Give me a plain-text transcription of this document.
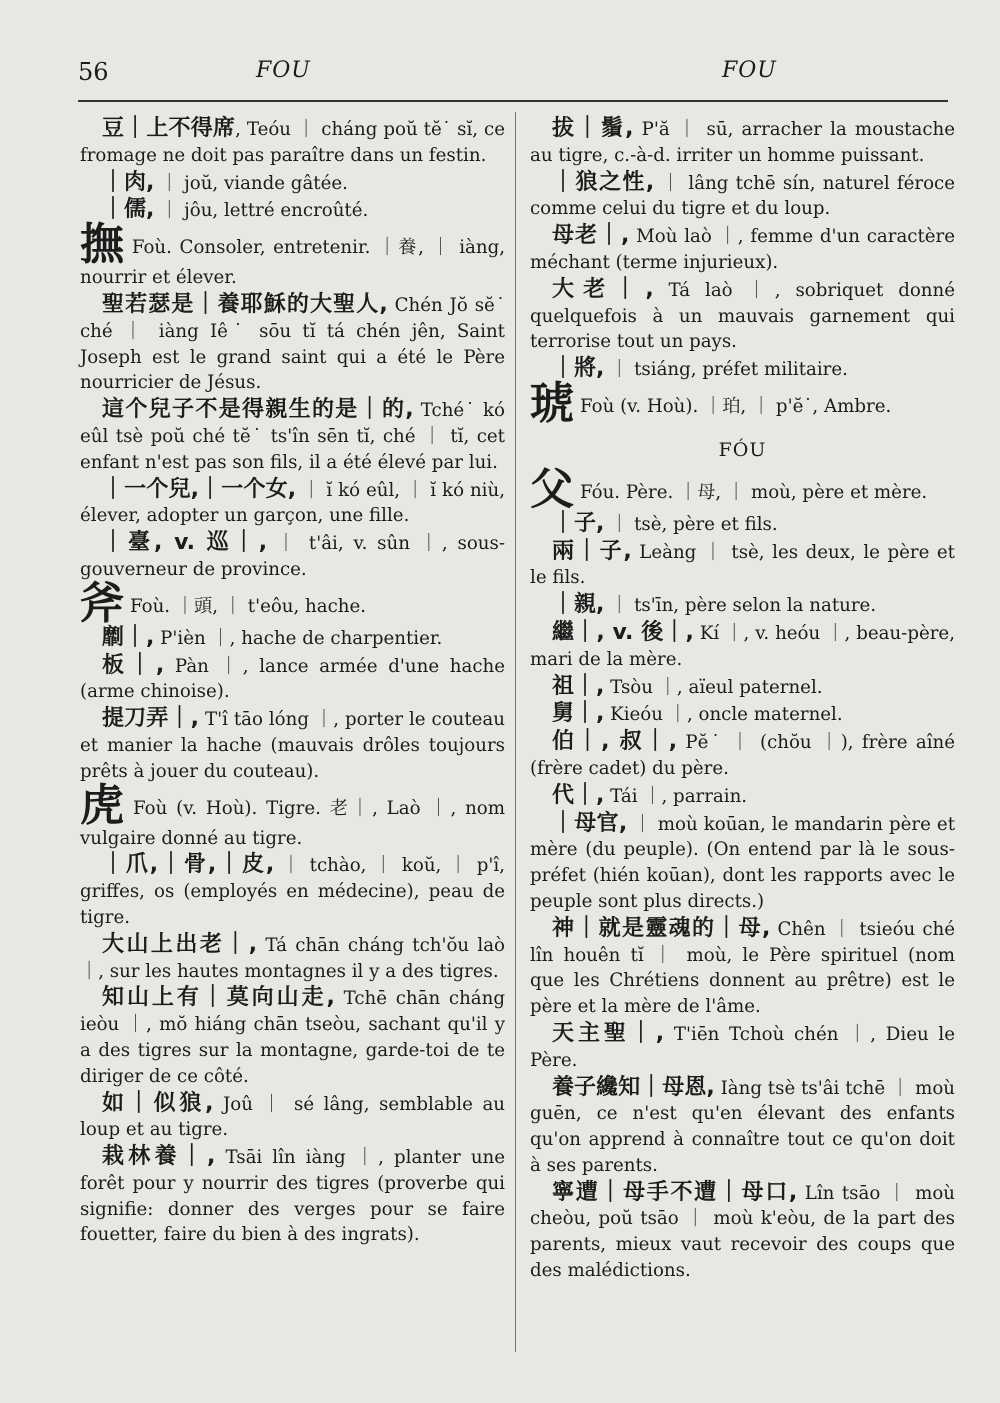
56	FOU	FOU
豆｜上不得席, Teóu ｜ cháng poŭ tĕ˙ sĭ, ce fromage ne doit pas paraître dans un festin.
｜肉, ｜ joŭ, viande gâtée.
｜儒, ｜ jôu, lettré encroûté.
撫 Foù. Consoler, entretenir. ｜養, ｜ iàng, nourrir et élever.
聖若瑟是｜養耶穌的大聖人, Chén Jŏ sĕ˙ ché ｜ iàng Iê˙ sōu tĭ tá chén jên, Saint Joseph est le grand saint qui a été le Père nourricier de Jésus.
這个兒子不是得親生的是｜的, Tché˙ kó eûl tsè poŭ ché tĕ˙ ts'în sēn tĭ, ché ｜ tĭ, cet enfant n'est pas son fils, il a été élevé par lui.
｜一个兒,｜一个女, ｜ ĭ kó eûl, ｜ ĭ kó niù, élever, adopter un garçon, une fille.
｜臺, v. 巡｜, ｜ t'âi, v. sûn ｜, sous-gouverneur de province.
斧 Foù. ｜頭, ｜ t'eôu, hache.
劘｜, P'ièn ｜, hache de charpentier.
板｜, Pàn ｜, lance armée d'une hache (arme chinoise).
提刀弄｜, T'î tāo lóng ｜, porter le couteau et manier la hache (mauvais drôles toujours prêts à jouer du couteau).
虎 Foù (v. Hoù). Tigre. 老｜, Laò ｜, nom vulgaire donné au tigre.
｜爪,｜骨,｜皮, ｜ tchào, ｜ koŭ, ｜ p'î, griffes, os (employés en médecine), peau de tigre.
大山上出老｜, Tá chān cháng tch'ŏu laò ｜, sur les hautes montagnes il y a des tigres.
知山上有｜莫向山走, Tchē chān cháng ieòu ｜, mŏ hiáng chān tseòu, sachant qu'il y a des tigres sur la montagne, garde-toi de te diriger de ce côté.
如｜似狼, Joû ｜ sé lâng, semblable au loup et au tigre.
栽林養｜, Tsāi lîn iàng ｜, planter une forêt pour y nourrir des tigres (proverbe qui signifie: donner des verges pour se faire fouetter, faire du bien à des ingrats).
拔｜鬚, P'ă ｜ sū, arracher la moustache au tigre, c.-à-d. irriter un homme puissant.
｜狼之性, ｜ lâng tchē sín, naturel féroce comme celui du tigre et du loup.
母老｜, Moù laò ｜, femme d'un caractère méchant (terme injurieux).
大老｜, Tá laò ｜, sobriquet donné quelquefois à un mauvais garnement qui terrorise tout un pays.
｜將, ｜ tsiáng, préfet militaire.
琥 Foù (v. Hoù). ｜珀, ｜ p'ĕ˙, Ambre.
FÓU
父 Fóu. Père. ｜母, ｜ moù, père et mère.
｜子, ｜ tsè, père et fils.
兩｜子, Leàng ｜ tsè, les deux, le père et le fils.
｜親, ｜ ts'īn, père selon la nature.
繼｜, v. 後｜, Kí ｜, v. heóu ｜, beau-père, mari de la mère.
祖｜, Tsòu ｜, aïeul paternel.
舅｜, Kieóu ｜, oncle maternel.
伯｜, 叔｜, Pĕ˙ ｜ (chŏu ｜), frère aîné (frère cadet) du père.
代｜, Tái ｜, parrain.
｜母官, ｜ moù koūan, le mandarin père et mère (du peuple). (On entend par là le sous-préfet (hién koūan), dont les rapports avec le peuple sont plus directs.)
神｜就是靈魂的｜母, Chên ｜ tsieóu ché lîn houên tĭ ｜ moù, le Père spirituel (nom que les Chrétiens donnent au prêtre) est le père et la mère de l'âme.
天主聖｜, T'iēn Tchoù chén ｜, Dieu le Père.
養子纔知｜母恩, Iàng tsè ts'âi tchē ｜ moù guēn, ce n'est qu'en élevant des enfants qu'on apprend à connaître tout ce qu'on doit à ses parents.
寧遭｜母手不遭｜母口, Lîn tsāo ｜ moù cheòu, poŭ tsāo ｜ moù k'eòu, de la part des parents, mieux vaut recevoir des coups que des malédictions.
